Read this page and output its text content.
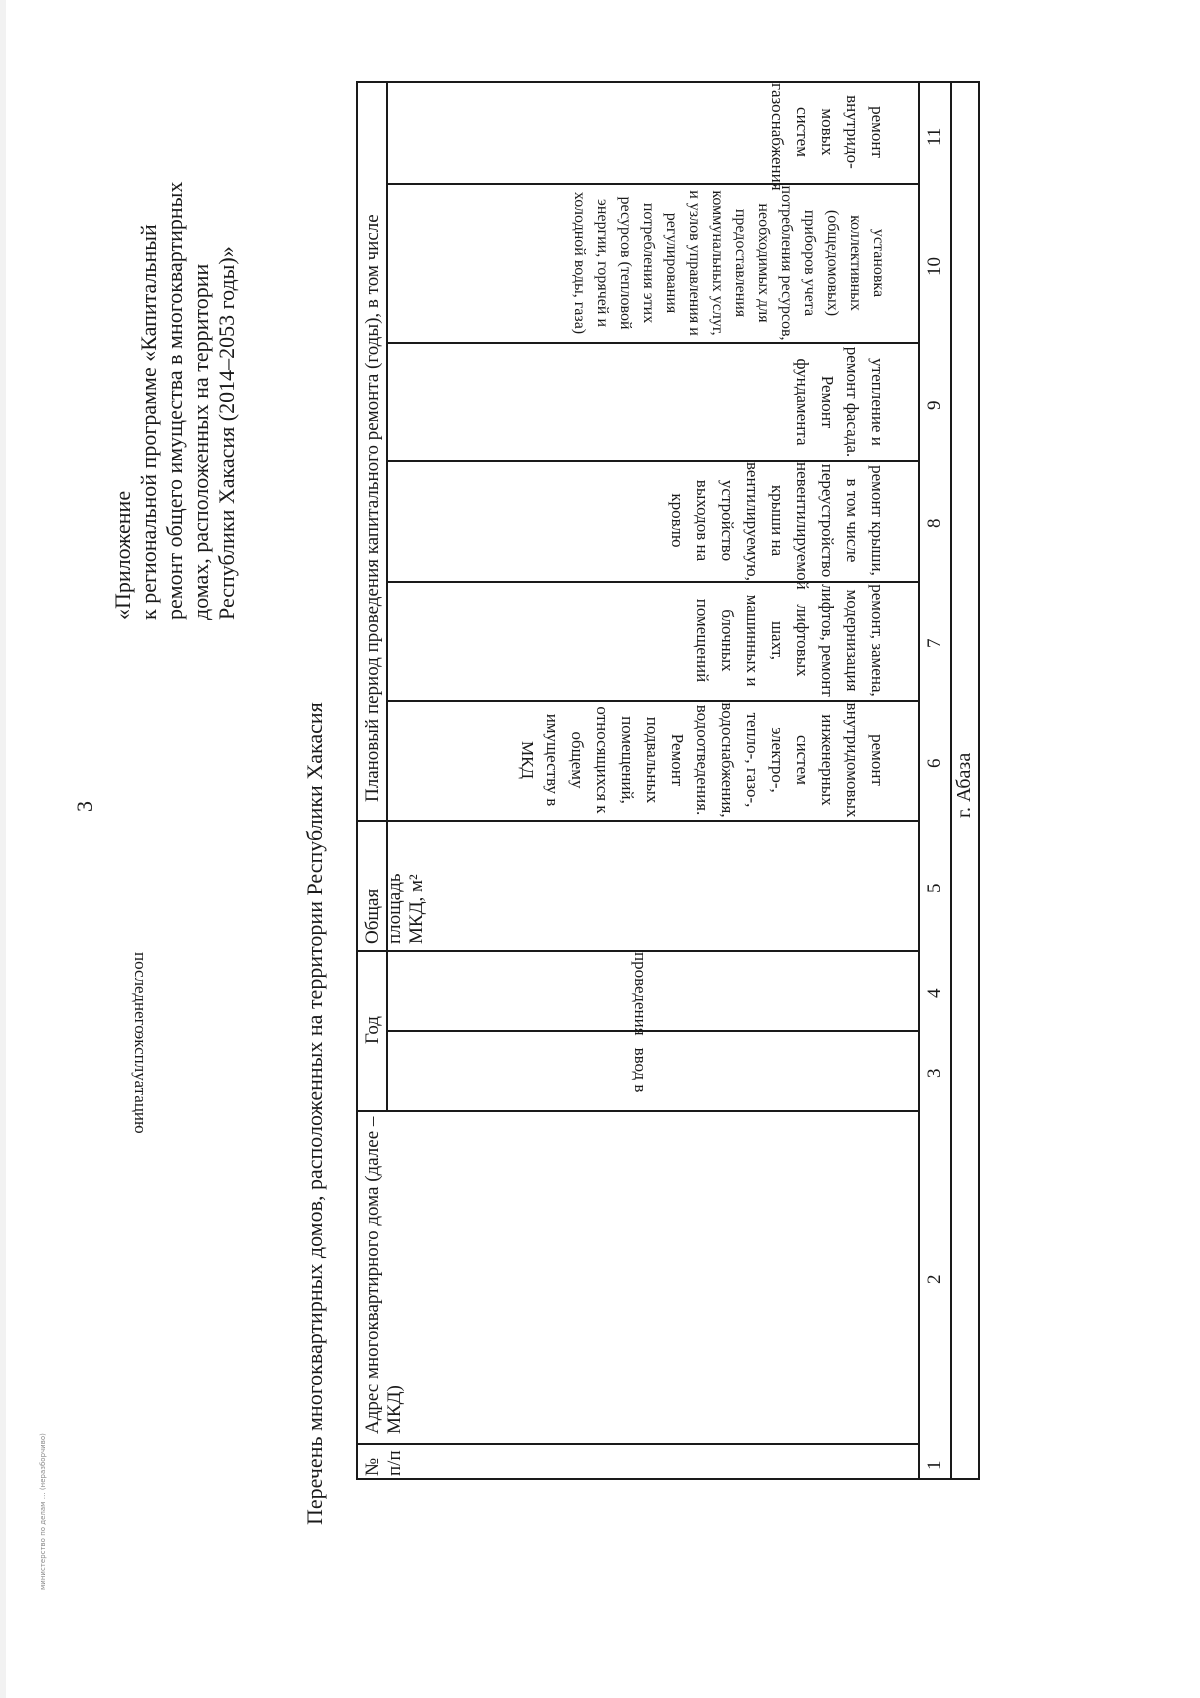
3
«Приложение
к региональной программе «Капитальный
ремонт общего имущества в многоквартирных
домах, расположенных на территории
Республики Хакасия (2014–2053 годы)»
Перечень многоквартирных домов, расположенных на территории Республики Хакасия
министерство по делам … (неразборчиво)	№ п/п
Адрес многоквартирного дома (далее – МКД)
Год
Общая площадь МКД, м²
Плановый период проведения капитального ремонта (годы), в том числе
ввод в эксплуатацию
проведения последнего
ремонт внутридомовых инженерных систем электро-, тепло-, газо-, водоснабжения, водоотведения. Ремонт подвальных помещений, относящихся к общему имуществу в МКД
ремонт, замена, модернизация лифтов, ремонт лифтовых шахт, машинных и блочных помещений
ремонт крыши, в том числе переустройство невентилируемой крыши на вентилируемую, устройство выходов на кровлю
утепление и ремонт фасада. Ремонт фундамента
установка коллективных (общедомовых) приборов учета потребления ресурсов, необходимых для предоставления коммунальных услуг, и узлов управления и регулирования потребления этих ресурсов (тепловой энергии, горячей и холодной воды, газа)
ремонт внутридо-мовых систем газоснабжения
1
2
3
4
5
6
7
8
9
10
11
г. Абаза
